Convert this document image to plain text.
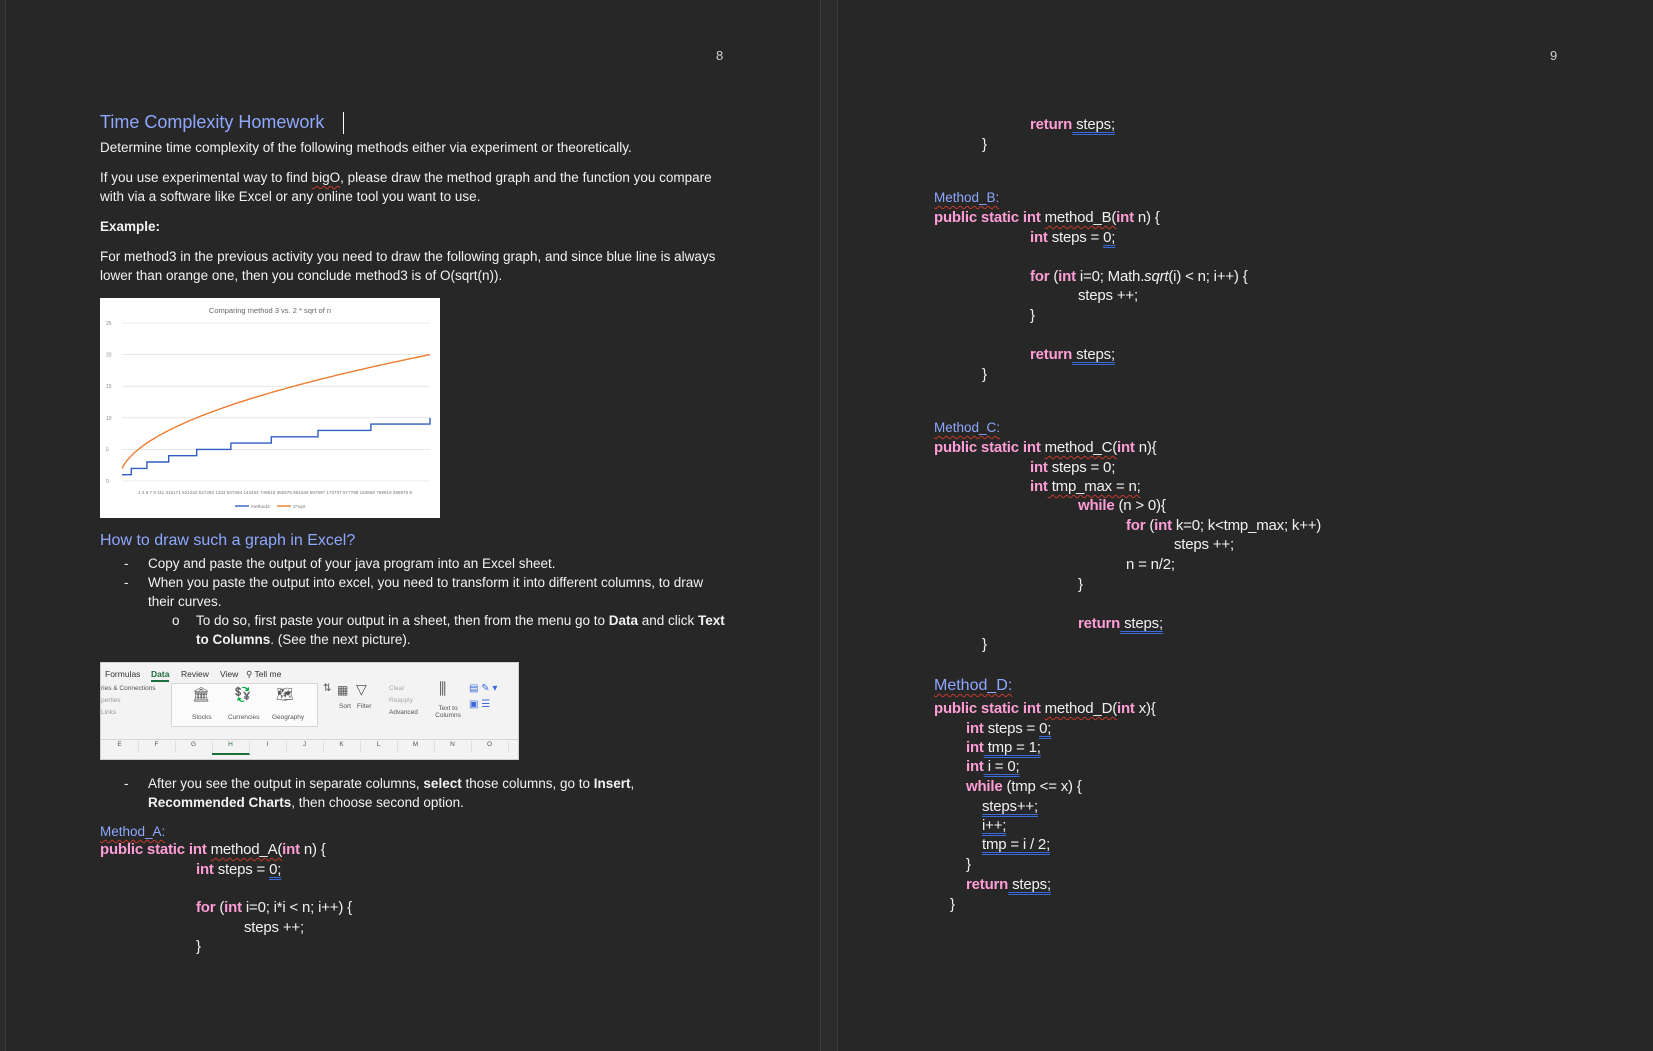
8
Time Complexity Homework
Determine time complexity of the following methods either via experiment or theoretically.
If you use experimental way to find bigO, please draw the method graph and the function you compare
with via a software like Excel or any online tool you want to use.
Example:
For method3 in the previous activity you need to draw the following graph, and since blue line is always
lower than orange one, then you conclude method3 is of O(sqrt(n)).
Comparing method 3 vs. 2 * sqrt of n
0
5
10
15
20
25
1 3 5 7 9 111 315171 921232 527293 1333 537384 143454 749515 355575 961636 567697 173737 577798 183858 789919 395979 9
method3	2*sqrt
How to draw such a graph in Excel?
- Copy and paste the output of your java program into an Excel sheet.
- When you paste the output into excel, you need to transform it into different columns, to draw
their curves.
o To do so, first paste your output in a sheet, then from the menu go to Data and click Text
to Columns. (See the next picture).
Formulas Data Review View ⚲ Tell me
ries & Connections
perties
Links
🏛 💱 🗺
Stocks	Currencies Geography
⇅ ▦ ▽
Sort Filter
Clear
Reapply
Advanced
⫼
Text to Columns
▤ ✎ ▾
▣ ☰
E	F	G	H	I	J	K	L	M	N	O
- After you see the output in separate columns, select those columns, go to Insert,
Recommended Charts, then choose second option.
Method_A:
public static int method_A(int n) {
int steps = 0;
for (int i=0; i*i < n; i++) {
steps ++;
}
9
return steps;
}
Method_B:
public static int method_B(int n) {
int steps = 0;
for (int i=0; Math.sqrt(i) < n; i++) {
steps ++;
}
return steps;
}
Method_C:
public static int method_C(int n){
int steps = 0;
int tmp_max = n;
while (n > 0){
for (int k=0; k<tmp_max; k++)
steps ++;
n = n/2;
}
return steps;
}
Method_D:
public static int method_D(int x){
int steps = 0;
int tmp = 1;
int i = 0;
while (tmp <= x) {
steps++;
i++;
tmp = i / 2;
}
return steps;
}
